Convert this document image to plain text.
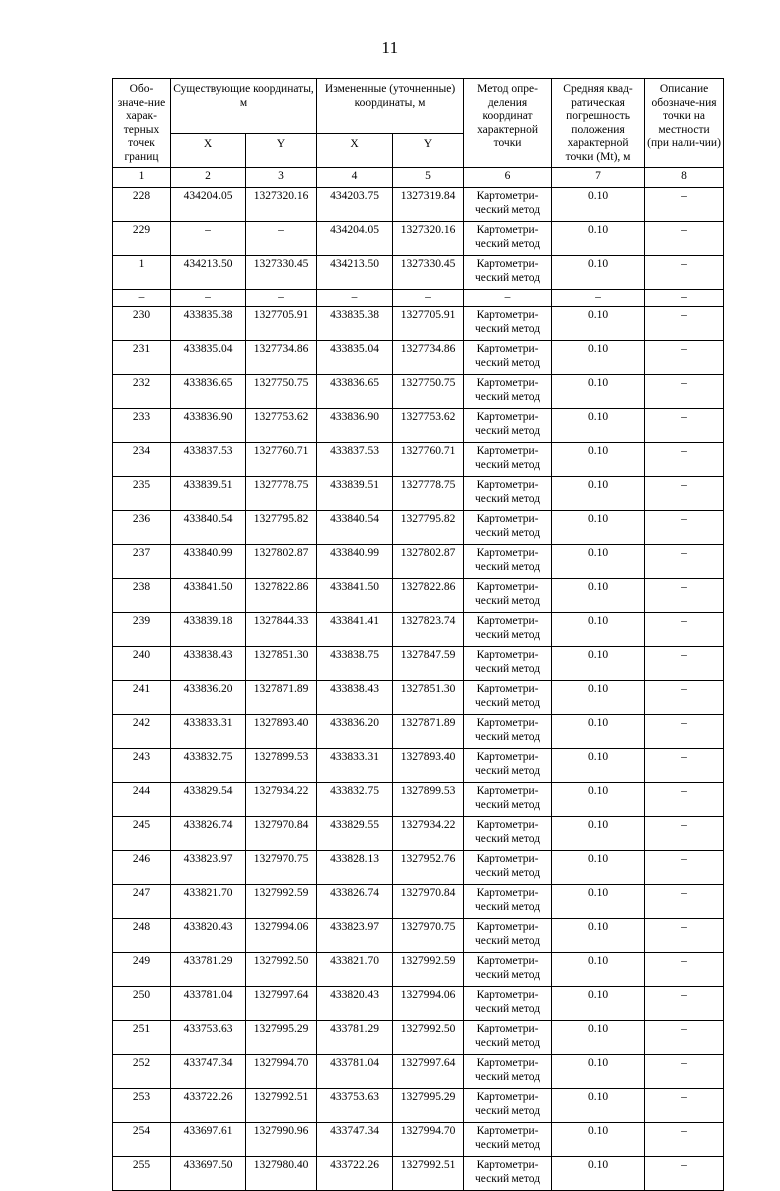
11
Обо-значе-ние харак-терных точек границ	Существующие координаты, м		Измененные (уточненные) координаты, м		Метод опре-деления координат характерной точки	Средняя квад-ратическая погрешность положения характерной точки (Mt), м	Описание обозначе-ния точки на местности (при нали-чии)
	X	Y	X	Y			
1	2	3	4	5	6	7	8
228	434204.05	1327320.16	434203.75	1327319.84	Картометри-ческий метод	0.10	–
229	–	–	434204.05	1327320.16	Картометри-ческий метод	0.10	–
1	434213.50	1327330.45	434213.50	1327330.45	Картометри-ческий метод	0.10	–
–	–	–	–	–	–	–	–
230	433835.38	1327705.91	433835.38	1327705.91	Картометри-ческий метод	0.10	–
231	433835.04	1327734.86	433835.04	1327734.86	Картометри-ческий метод	0.10	–
232	433836.65	1327750.75	433836.65	1327750.75	Картометри-ческий метод	0.10	–
233	433836.90	1327753.62	433836.90	1327753.62	Картометри-ческий метод	0.10	–
234	433837.53	1327760.71	433837.53	1327760.71	Картометри-ческий метод	0.10	–
235	433839.51	1327778.75	433839.51	1327778.75	Картометри-ческий метод	0.10	–
236	433840.54	1327795.82	433840.54	1327795.82	Картометри-ческий метод	0.10	–
237	433840.99	1327802.87	433840.99	1327802.87	Картометри-ческий метод	0.10	–
238	433841.50	1327822.86	433841.50	1327822.86	Картометри-ческий метод	0.10	–
239	433839.18	1327844.33	433841.41	1327823.74	Картометри-ческий метод	0.10	–
240	433838.43	1327851.30	433838.75	1327847.59	Картометри-ческий метод	0.10	–
241	433836.20	1327871.89	433838.43	1327851.30	Картометри-ческий метод	0.10	–
242	433833.31	1327893.40	433836.20	1327871.89	Картометри-ческий метод	0.10	–
243	433832.75	1327899.53	433833.31	1327893.40	Картометри-ческий метод	0.10	–
244	433829.54	1327934.22	433832.75	1327899.53	Картометри-ческий метод	0.10	–
245	433826.74	1327970.84	433829.55	1327934.22	Картометри-ческий метод	0.10	–
246	433823.97	1327970.75	433828.13	1327952.76	Картометри-ческий метод	0.10	–
247	433821.70	1327992.59	433826.74	1327970.84	Картометри-ческий метод	0.10	–
248	433820.43	1327994.06	433823.97	1327970.75	Картометри-ческий метод	0.10	–
249	433781.29	1327992.50	433821.70	1327992.59	Картометри-ческий метод	0.10	–
250	433781.04	1327997.64	433820.43	1327994.06	Картометри-ческий метод	0.10	–
251	433753.63	1327995.29	433781.29	1327992.50	Картометри-ческий метод	0.10	–
252	433747.34	1327994.70	433781.04	1327997.64	Картометри-ческий метод	0.10	–
253	433722.26	1327992.51	433753.63	1327995.29	Картометри-ческий метод	0.10	–
254	433697.61	1327990.96	433747.34	1327994.70	Картометри-ческий метод	0.10	–
255	433697.50	1327980.40	433722.26	1327992.51	Картометри-ческий метод	0.10	–
